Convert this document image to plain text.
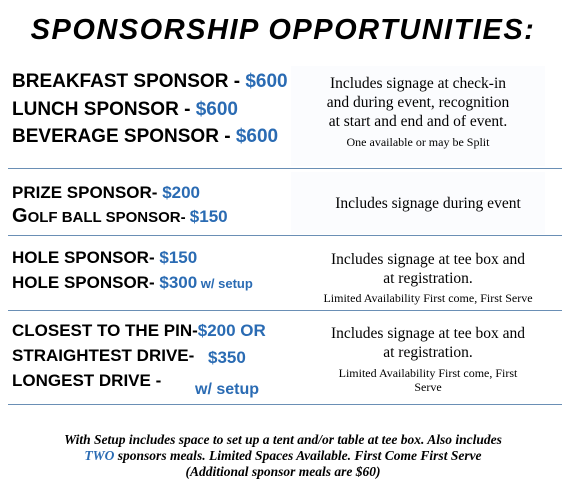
SPONSORSHIP OPPORTUNITIES:
BREAKFAST SPONSOR - $600
LUNCH SPONSOR - $600
BEVERAGE SPONSOR - $600
Includes signage at check-in
and during event, recognition
at start and end and of event.
One available or may be Split
PRIZE SPONSOR- $200
GOLF BALL SPONSOR- $150
Includes signage during event
HOLE SPONSOR- $150
HOLE SPONSOR- $300 w/ setup
Includes signage at tee box and
at registration.
Limited Availability First come, First Serve
CLOSEST TO THE PIN-$200 OR
STRAIGHTEST DRIVE- $350
LONGEST DRIVE - w/ setup
Includes signage at tee box and
at registration.
Limited Availability First come, First
Serve
With Setup includes space to set up a tent and/or table at tee box. Also includes
TWO sponsors meals. Limited Spaces Available. First Come First Serve
(Additional sponsor meals are $60)
